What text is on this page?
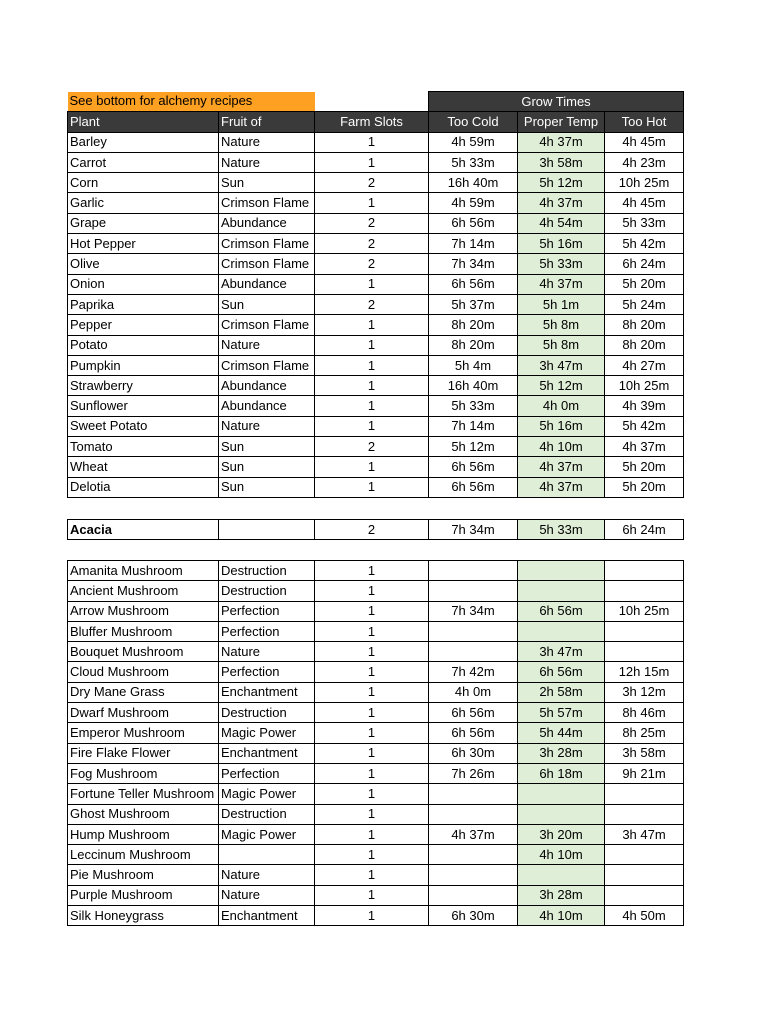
See bottom for alchemy recipes			Grow Times		
Plant	Fruit of	Farm Slots	Too Cold	Proper Temp	Too Hot
Barley	Nature	1	4h 59m	4h 37m	4h 45m
Carrot	Nature	1	5h 33m	3h 58m	4h 23m
Corn	Sun	2	16h 40m	5h 12m	10h 25m
Garlic	Crimson Flame	1	4h 59m	4h 37m	4h 45m
Grape	Abundance	2	6h 56m	4h 54m	5h 33m
Hot Pepper	Crimson Flame	2	7h 14m	5h 16m	5h 42m
Olive	Crimson Flame	2	7h 34m	5h 33m	6h 24m
Onion	Abundance	1	6h 56m	4h 37m	5h 20m
Paprika	Sun	2	5h 37m	5h 1m	5h 24m
Pepper	Crimson Flame	1	8h 20m	5h 8m	8h 20m
Potato	Nature	1	8h 20m	5h 8m	8h 20m
Pumpkin	Crimson Flame	1	5h 4m	3h 47m	4h 27m
Strawberry	Abundance	1	16h 40m	5h 12m	10h 25m
Sunflower	Abundance	1	5h 33m	4h 0m	4h 39m
Sweet Potato	Nature	1	7h 14m	5h 16m	5h 42m
Tomato	Sun	2	5h 12m	4h 10m	4h 37m
Wheat	Sun	1	6h 56m	4h 37m	5h 20m
Delotia	Sun	1	6h 56m	4h 37m	5h 20m
Acacia		2	7h 34m	5h 33m	6h 24m
Amanita Mushroom	Destruction	1			
Ancient Mushroom	Destruction	1			
Arrow Mushroom	Perfection	1	7h 34m	6h 56m	10h 25m
Bluffer Mushroom	Perfection	1			
Bouquet Mushroom	Nature	1		3h 47m	
Cloud Mushroom	Perfection	1	7h 42m	6h 56m	12h 15m
Dry Mane Grass	Enchantment	1	4h 0m	2h 58m	3h 12m
Dwarf Mushroom	Destruction	1	6h 56m	5h 57m	8h 46m
Emperor Mushroom	Magic Power	1	6h 56m	5h 44m	8h 25m
Fire Flake Flower	Enchantment	1	6h 30m	3h 28m	3h 58m
Fog Mushroom	Perfection	1	7h 26m	6h 18m	9h 21m
Fortune Teller Mushroom	Magic Power	1			
Ghost Mushroom	Destruction	1			
Hump Mushroom	Magic Power	1	4h 37m	3h 20m	3h 47m
Leccinum Mushroom		1		4h 10m	
Pie Mushroom	Nature	1			
Purple Mushroom	Nature	1		3h 28m	
Silk Honeygrass	Enchantment	1	6h 30m	4h 10m	4h 50m
